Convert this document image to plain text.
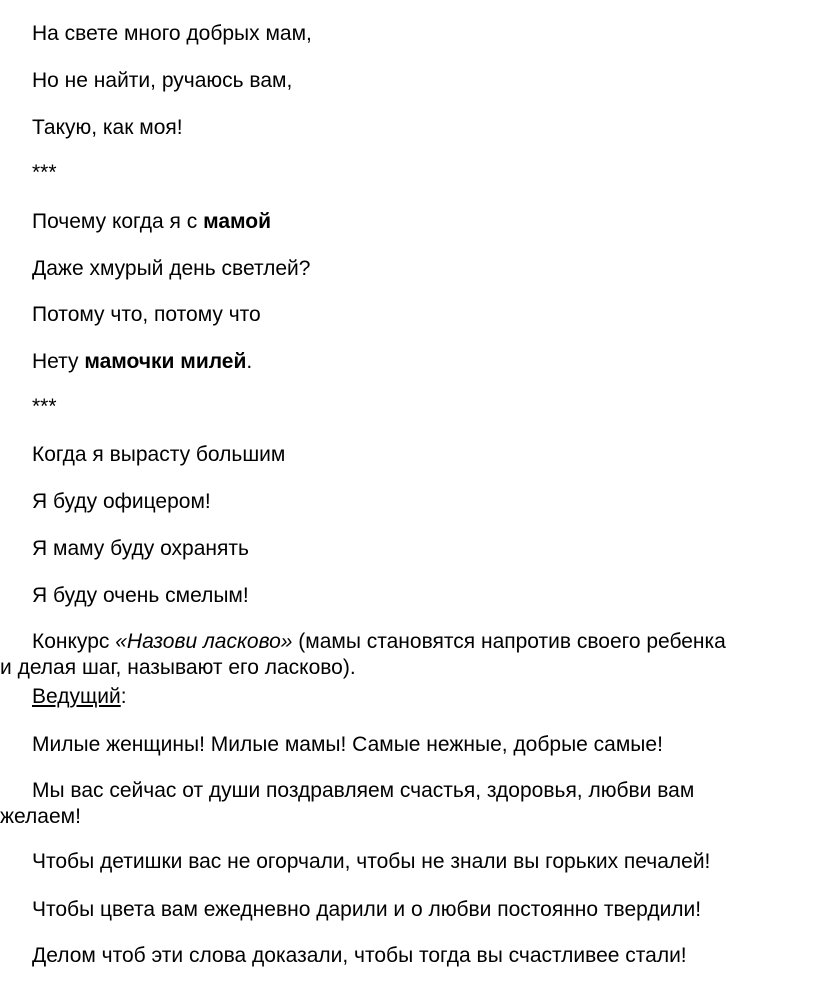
На свете много добрых мам,
Но не найти, ручаюсь вам,
Такую, как моя!
***
Почему когда я с мамой
Даже хмурый день светлей?
Потому что, потому что
Нету мамочки милей.
***
Когда я вырасту большим
Я буду офицером!
Я маму буду охранять
Я буду очень смелым!
Конкурс «Назови ласково» (мамы становятся напротив своего ребенка
и делая шаг, называют его ласково).
Ведущий:
Милые женщины! Милые мамы! Самые нежные, добрые самые!
Мы вас сейчас от души поздравляем счастья, здоровья, любви вам
желаем!
Чтобы детишки вас не огорчали, чтобы не знали вы горьких печалей!
Чтобы цвета вам ежедневно дарили и о любви постоянно твердили!
Делом чтоб эти слова доказали, чтобы тогда вы счастливее стали!
